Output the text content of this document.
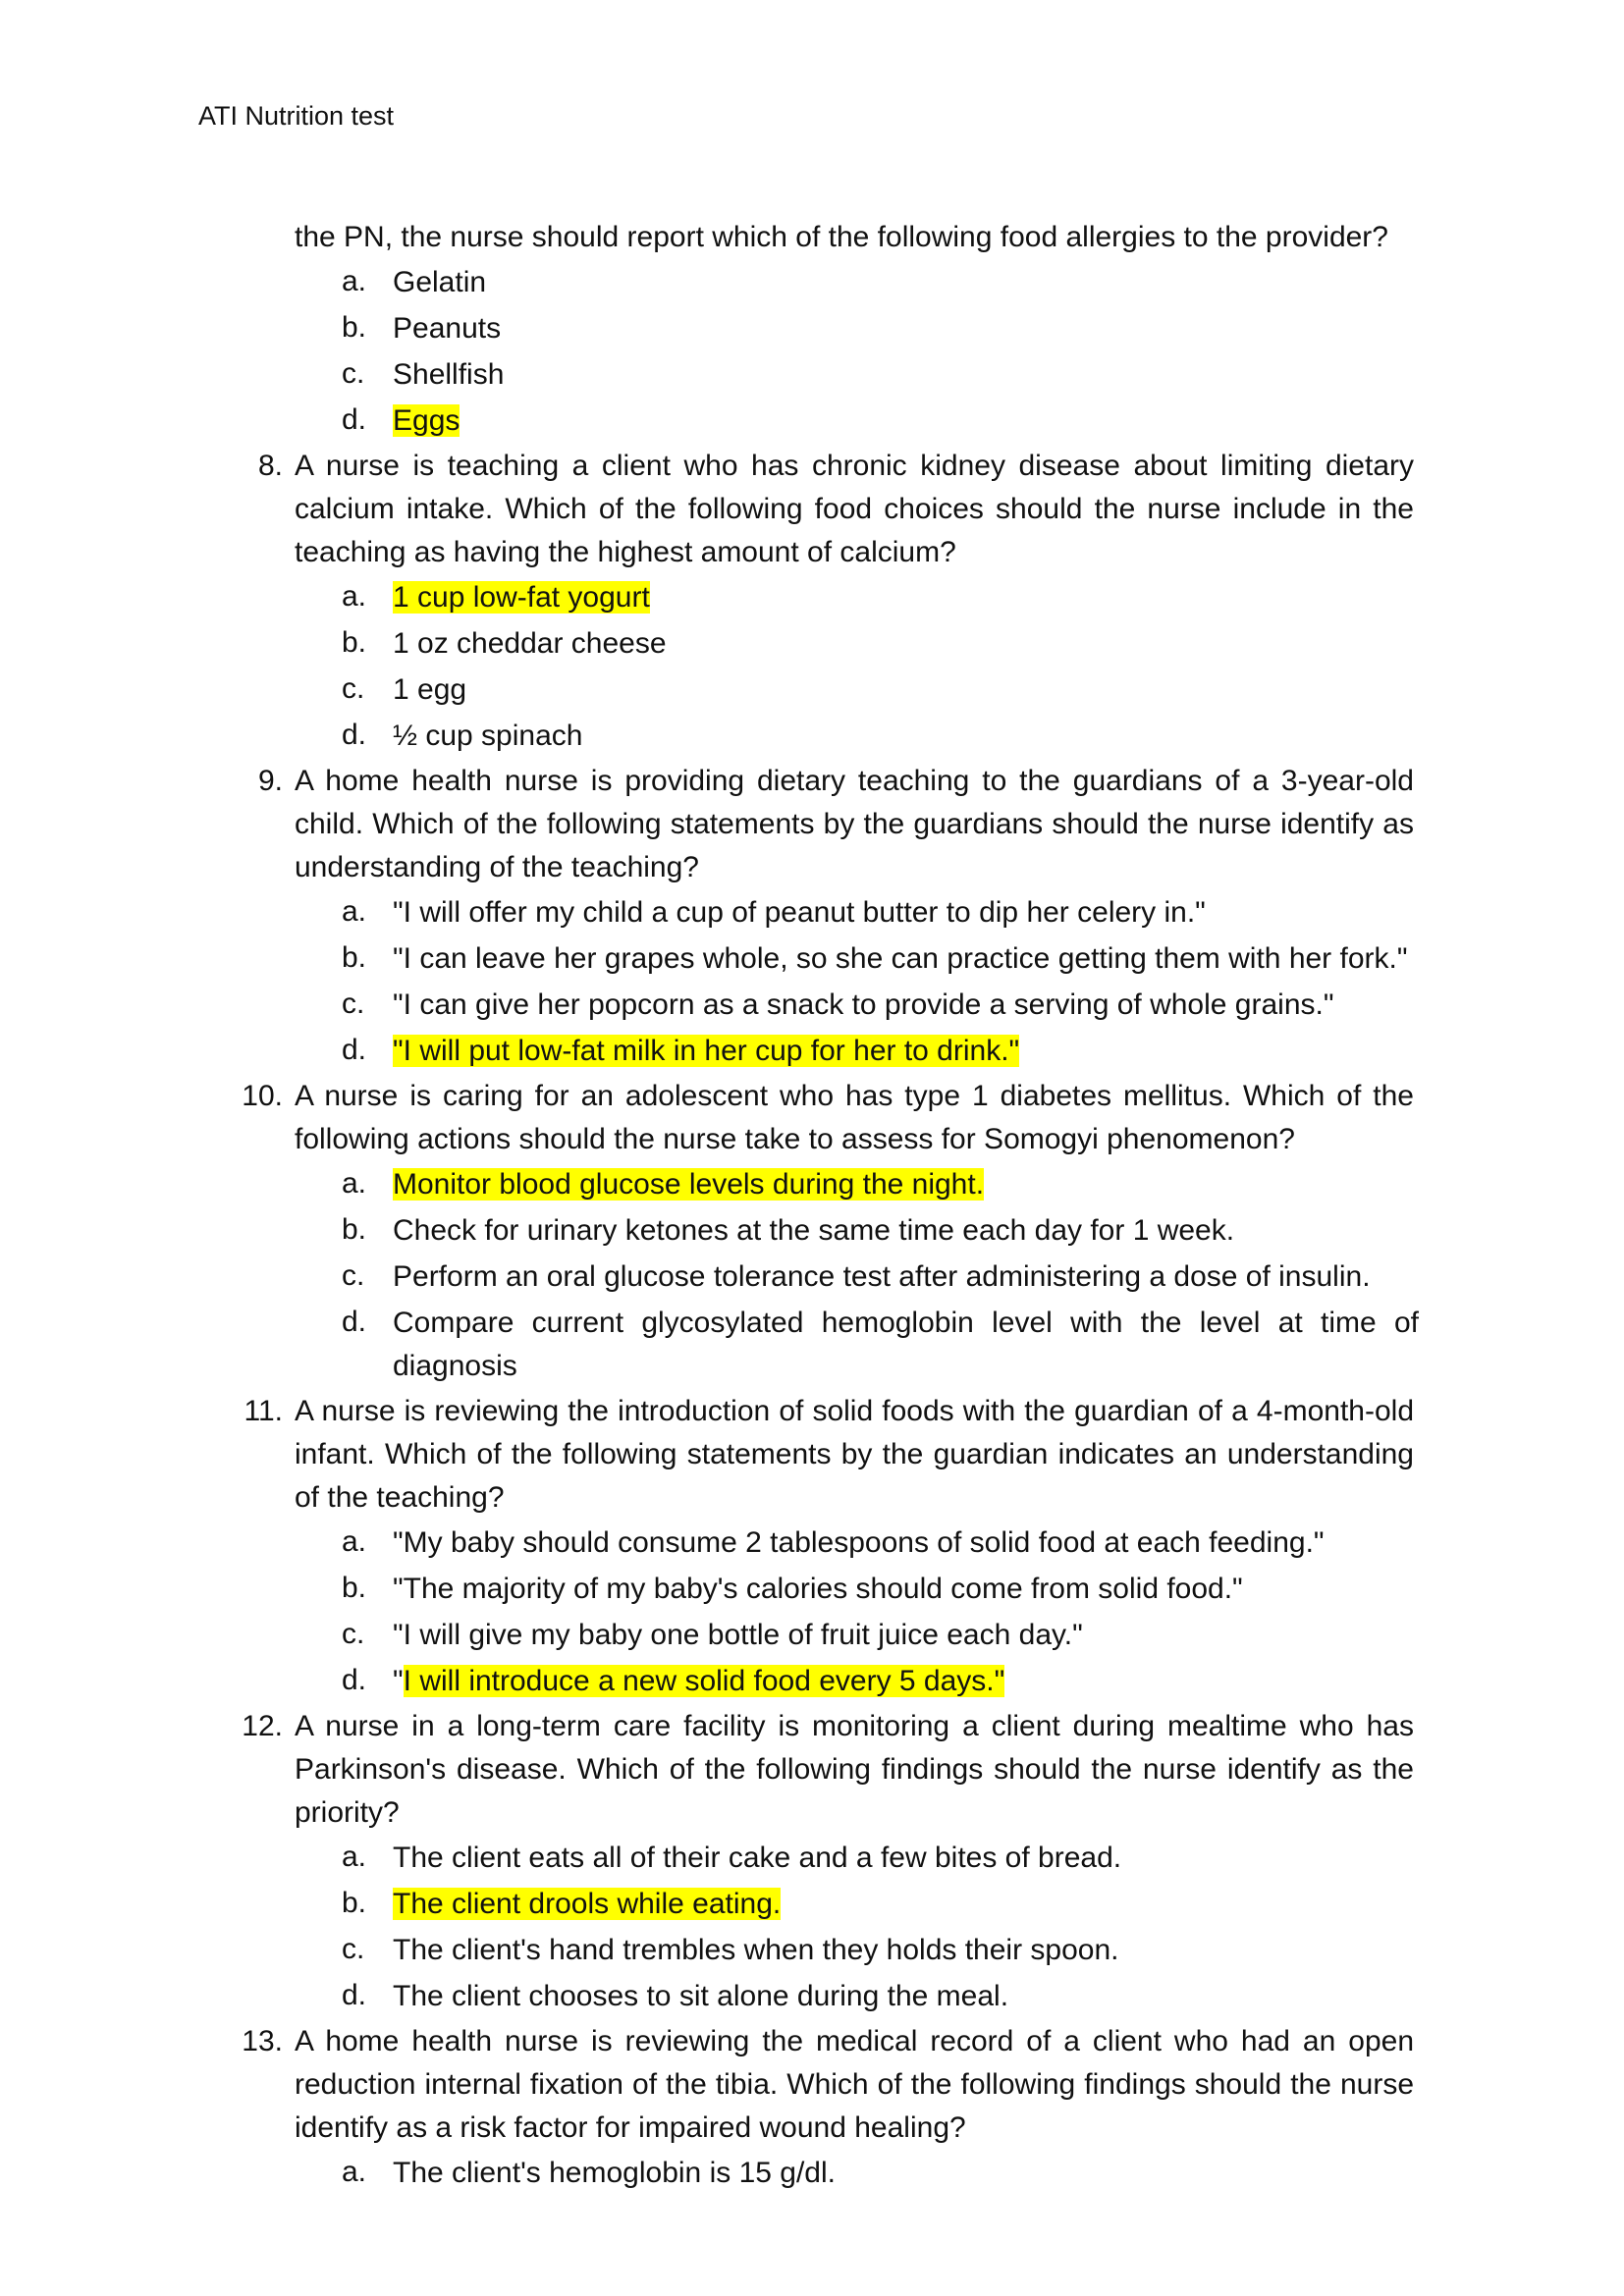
ATI Nutrition test
the PN, the nurse should report which of the following food allergies to the provider?
a. Gelatin
b. Peanuts
c. Shellfish
d. Eggs
8. A nurse is teaching a client who has chronic kidney disease about limiting dietary calcium intake. Which of the following food choices should the nurse include in the teaching as having the highest amount of calcium?
a. 1 cup low-fat yogurt
b. 1 oz cheddar cheese
c. 1 egg
d. ½ cup spinach
9. A home health nurse is providing dietary teaching to the guardians of a 3-year-old child. Which of the following statements by the guardians should the nurse identify as understanding of the teaching?
a. "I will offer my child a cup of peanut butter to dip her celery in."
b. "I can leave her grapes whole, so she can practice getting them with her fork."
c. "I can give her popcorn as a snack to provide a serving of whole grains."
d. "I will put low-fat milk in her cup for her to drink."
10. A nurse is caring for an adolescent who has type 1 diabetes mellitus. Which of the following actions should the nurse take to assess for Somogyi phenomenon?
a. Monitor blood glucose levels during the night.
b. Check for urinary ketones at the same time each day for 1 week.
c. Perform an oral glucose tolerance test after administering a dose of insulin.
d. Compare current glycosylated hemoglobin level with the level at time of diagnosis
11. A nurse is reviewing the introduction of solid foods with the guardian of a 4-month-old infant. Which of the following statements by the guardian indicates an understanding of the teaching?
a. "My baby should consume 2 tablespoons of solid food at each feeding."
b. "The majority of my baby's calories should come from solid food."
c. "I will give my baby one bottle of fruit juice each day."
d. "I will introduce a new solid food every 5 days."
12. A nurse in a long-term care facility is monitoring a client during mealtime who has Parkinson's disease. Which of the following findings should the nurse identify as the priority?
a. The client eats all of their cake and a few bites of bread.
b. The client drools while eating.
c. The client's hand trembles when they holds their spoon.
d. The client chooses to sit alone during the meal.
13. A home health nurse is reviewing the medical record of a client who had an open reduction internal fixation of the tibia. Which of the following findings should the nurse identify as a risk factor for impaired wound healing?
a. The client's hemoglobin is 15 g/dl.
